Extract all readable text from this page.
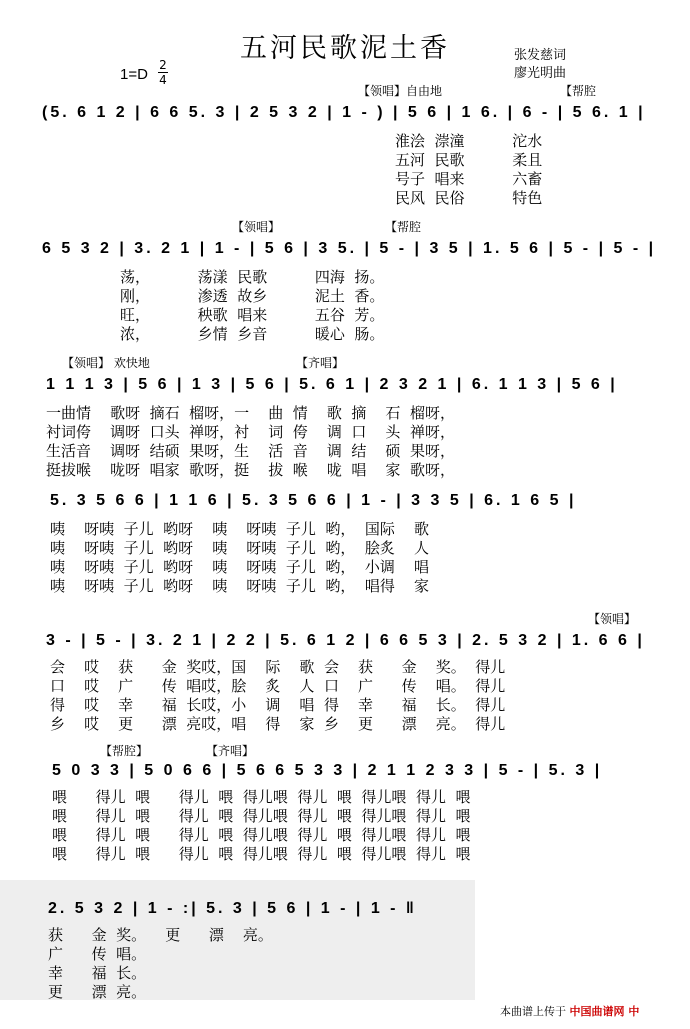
五河民歌泥土香	张发慈词
廖光明曲
1=D
2
4
【领唱】自由地	【帮腔
(5. 6 1 2 | 6 6 5. 3 | 2 5 3 2 | 1 - ) | 5 6 | 1 6. | 6 - | 5 6. 1 |
淮浍  漴潼          沱水
五河  民歌          柔且
号子  唱来          六畜
民风  民俗          特色
【领唱】	【帮腔
6 5 3 2 | 3. 2 1 | 1 - | 5 6 | 3 5. | 5 - | 3 5 | 1. 5 6 | 5 - | 5 - |
荡，          荡漾  民歌          四海  扬。
刚，          渗透  故乡          泥土  香。
旺，          秧歌  唱来          五谷  芳。
浓，          乡情  乡音          暖心  肠。
【领唱】 欢快地	【齐唱】
1 1 1 3 | 5 6 | 1 3 | 5 6 | 5. 6 1 | 2 3 2 1 | 6. 1 1 3 | 5 6 |
一曲情    歌呀  摘石  榴呀，一    曲  情    歌  摘    石  榴呀，
衬词侉    调呀  口头  禅呀，衬    词  侉    调  口    头  禅呀，
生活音    调呀  结硕  果呀，生    活  音    调  结    硕  果呀，
挺拔喉    咙呀  唱家  歌呀，挺    拔  喉    咙  唱    家  歌呀，
5. 3 5 6 6 | 1 1 6 | 5. 3 5 6 6 | 1 - | 3 3 5 | 6. 1 6 5 |
咦    呀咦  子儿  哟呀    咦    呀咦  子儿  哟，  国际    歌
咦    呀咦  子儿  哟呀    咦    呀咦  子儿  哟，  脍炙    人
咦    呀咦  子儿  哟呀    咦    呀咦  子儿  哟，  小调    唱
咦    呀咦  子儿  哟呀    咦    呀咦  子儿  哟，  唱得    家
【领唱】
3 - | 5 - | 3. 2 1 | 2 2 | 5. 6 1 2 | 6 6 5 3 | 2. 5 3 2 | 1. 6 6 |
会    哎    获      金  奖哎，国    际    歌  会    获      金    奖。  得儿
口    哎    广      传  唱哎，脍    炙    人  口    广      传    唱。  得儿
得    哎    幸      福  长哎，小    调    唱  得    幸      福    长。  得儿
乡    哎    更      漂  亮哎，唱    得    家  乡    更      漂    亮。  得儿
【帮腔】	【齐唱】
5 0 3 3 | 5 0 6 6 | 5 6 6 5 3 3 | 2 1 1 2 3 3 | 5 - | 5. 3 |
喂      得儿  喂      得儿  喂  得儿喂  得儿  喂  得儿喂  得儿  喂
喂      得儿  喂      得儿  喂  得儿喂  得儿  喂  得儿喂  得儿  喂
喂      得儿  喂      得儿  喂  得儿喂  得儿  喂  得儿喂  得儿  喂
喂      得儿  喂      得儿  喂  得儿喂  得儿  喂  得儿喂  得儿  喂
2. 5 3 2 | 1 - :| 5. 3 | 5 6 | 1 - | 1 - ‖
获      金  奖。    更      漂    亮。
广      传  唱。
幸      福  长。
更      漂  亮。
本曲谱上传于 中国曲谱网 中
